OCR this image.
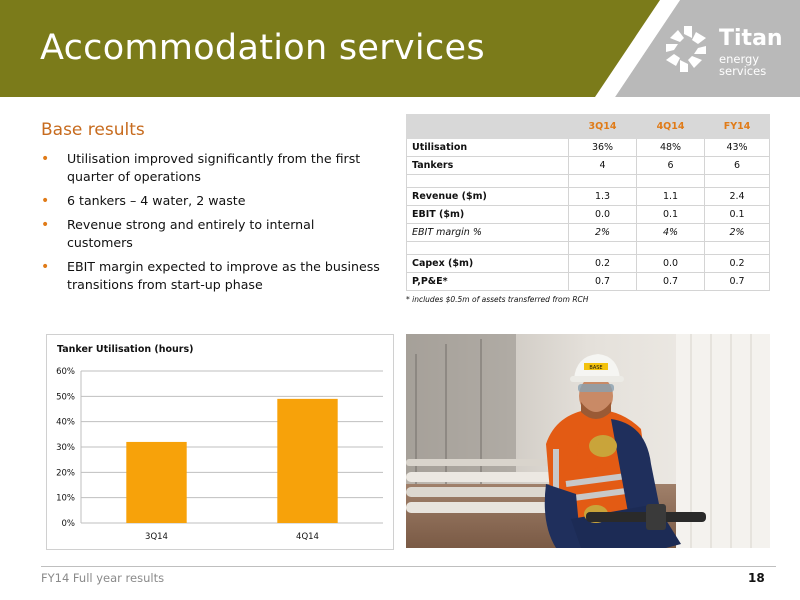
Accommodation services	Titan
energy
services
Base results
• Utilisation improved significantly from the first quarter of operations
• 6 tankers – 4 water, 2 waste
• Revenue strong and entirely to internal customers
• EBIT margin expected to improve as the business transitions from start-up phase
	3Q14	4Q14	FY14
Utilisation	36%	48%	43%
Tankers	4	6	6

Revenue ($m)	1.3	1.1	2.4
EBIT ($m)	0.0	0.1	0.1
EBIT margin %	2%	4%	2%

Capex ($m)	0.2	0.0	0.2
P,P&E*	0.7	0.7	0.7
* includes $0.5m of assets transferred from RCH
Tanker Utilisation (hours)
0%
10%
20%
30%
40%
50%
60%
3Q14	4Q14
BASE
FY14 Full year results	18
